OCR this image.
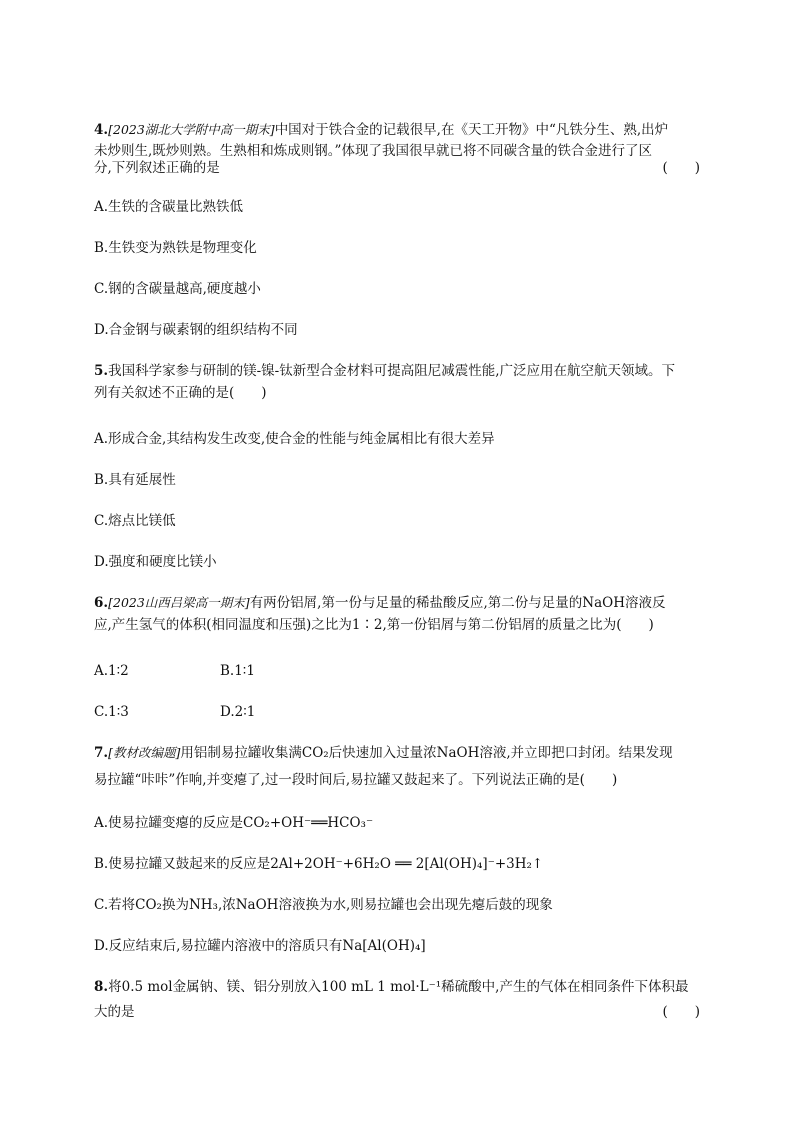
4.[2023湖北大学附中高一期末]中国对于铁合金的记载很早,在《天工开物》中“凡铁分生、熟,出炉
未炒则生,既炒则熟。生熟相和炼成则钢。”体现了我国很早就已将不同碳含量的铁合金进行了区
分,下列叙述正确的是	(　　)
A.生铁的含碳量比熟铁低
B.生铁变为熟铁是物理变化
C.钢的含碳量越高,硬度越小
D.合金钢与碳素钢的组织结构不同
5.我国科学家参与研制的镁-镍-钛新型合金材料可提高阻尼减震性能,广泛应用在航空航天领域。下
列有关叙述不正确的是(　　)
A.形成合金,其结构发生改变,使合金的性能与纯金属相比有很大差异
B.具有延展性
C.熔点比镁低
D.强度和硬度比镁小
6.[2023山西吕梁高一期末]有两份铝屑,第一份与足量的稀盐酸反应,第二份与足量的NaOH溶液反
应,产生氢气的体积(相同温度和压强)之比为1∶2,第一份铝屑与第二份铝屑的质量之比为(　　)
A.1∶2	B.1∶1
C.1∶3	D.2∶1
7.[教材改编题]用铝制易拉罐收集满CO₂后快速加入过量浓NaOH溶液,并立即把口封闭。结果发现
易拉罐“咔咔”作响,并变瘪了,过一段时间后,易拉罐又鼓起来了。下列说法正确的是(　　)
A.使易拉罐变瘪的反应是CO₂+OH⁻══HCO₃⁻
B.使易拉罐又鼓起来的反应是2Al+2OH⁻+6H₂O ══ 2[Al(OH)₄]⁻+3H₂↑
C.若将CO₂换为NH₃,浓NaOH溶液换为水,则易拉罐也会出现先瘪后鼓的现象
D.反应结束后,易拉罐内溶液中的溶质只有Na[Al(OH)₄]
8.将0.5 mol金属钠、镁、铝分别放入100 mL 1 mol·L⁻¹稀硫酸中,产生的气体在相同条件下体积最
大的是	(　　)
